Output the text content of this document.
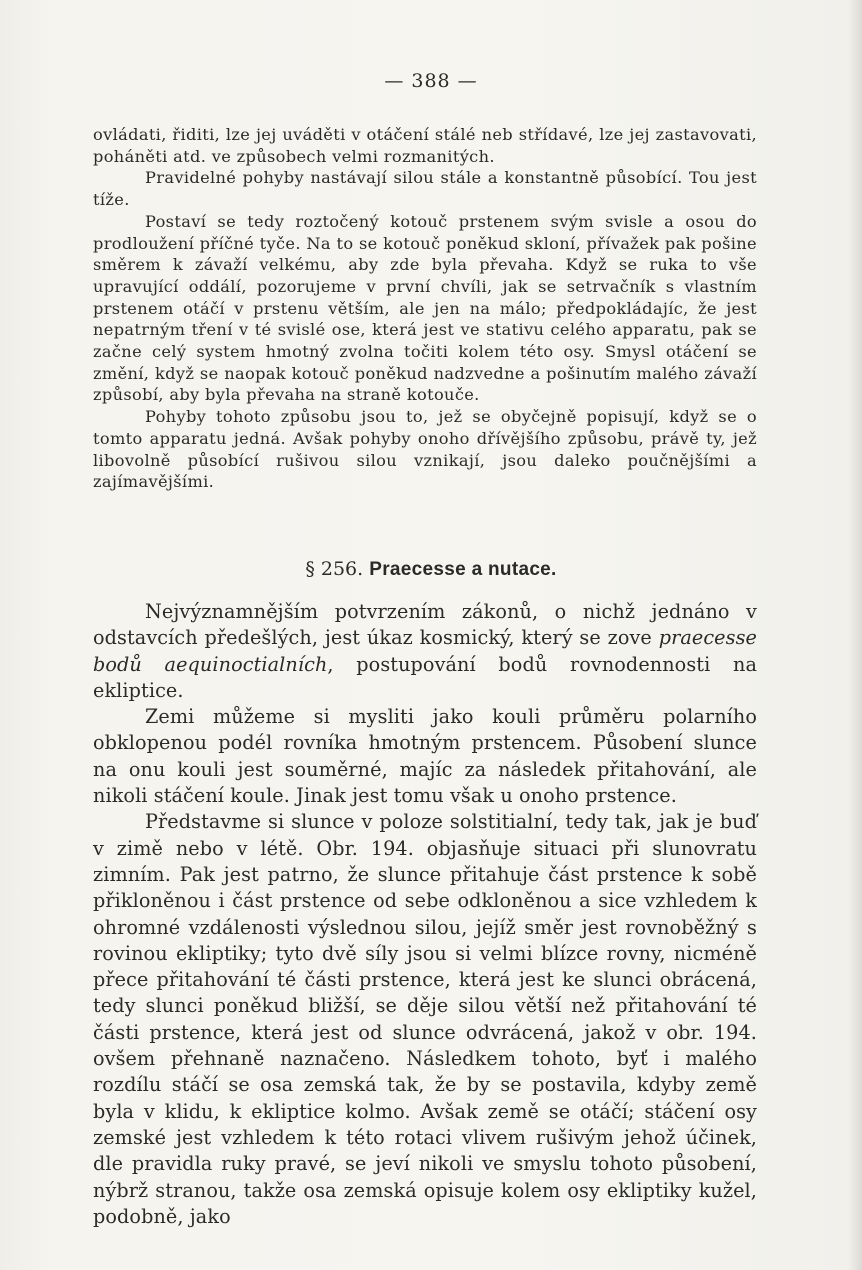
— 388 —

ovládati, řiditi, lze jej uváděti v otáčení stálé neb střídavé, lze jej zastavovati, poháněti atd. ve způsobech velmi rozmanitých.

Pravidelné pohyby nastávají silou stále a konstantně působící. Tou jest tíže.

Postaví se tedy roztočený kotouč prstenem svým svisle a osou do prodloužení příčné tyče. Na to se kotouč poněkud skloní, přívažek pak pošine směrem k závaží velkému, aby zde byla převaha. Když se ruka to vše upravující oddálí, pozorujeme v první chvíli, jak se setrvačník s vlastním prstenem otáčí v prstenu větším, ale jen na málo; předpokládajíc, že jest nepatrným tření v té svislé ose, která jest ve stativu celého apparatu, pak se začne celý system hmotný zvolna točiti kolem této osy. Smysl otáčení se změní, když se naopak kotouč poněkud nadzvedne a pošinutím malého závaží způsobí, aby byla převaha na straně kotouče.

Pohyby tohoto způsobu jsou to, jež se obyčejně popisují, když se o tomto apparatu jedná. Avšak pohyby onoho dřívějšího způsobu, právě ty, jež libovolně působící rušivou silou vznikají, jsou daleko poučnějšími a zajímavějšími.

§ 256. Praecesse a nutace.

Nejvýznamnějším potvrzením zákonů, o nichž jednáno v odstavcích předešlých, jest úkaz kosmický, který se zove praecesse bodů aequinoctialních, postupování bodů rovnodennosti na ekliptice.

Zemi můžeme si mysliti jako kouli průměru polarního obklopenou podél rovníka hmotným prstencem. Působení slunce na onu kouli jest souměrné, majíc za následek přitahování, ale nikoli stáčení koule. Jinak jest tomu však u onoho prstence.

Představme si slunce v poloze solstitialní, tedy tak, jak je buď v zimě nebo v létě. Obr. 194. objasňuje situaci při slunovratu zimním. Pak jest patrno, že slunce přitahuje část prstence k sobě přikloněnou i část prstence od sebe odkloněnou a sice vzhledem k ohromné vzdálenosti výslednou silou, jejíž směr jest rovnoběžný s rovinou ekliptiky; tyto dvě síly jsou si velmi blízce rovny, nicméně přece přitahování té části prstence, která jest ke slunci obrácená, tedy slunci poněkud bližší, se děje silou větší než přitahování té části prstence, která jest od slunce odvrácená, jakož v obr. 194. ovšem přehnaně naznačeno. Následkem tohoto, byť i malého rozdílu stáčí se osa zemská tak, že by se postavila, kdyby země byla v klidu, k ekliptice kolmo. Avšak země se otáčí; stáčení osy zemské jest vzhledem k této rotaci vlivem rušivým jehož účinek, dle pravidla ruky pravé, se jeví nikoli ve smyslu tohoto působení, nýbrž stranou, takže osa zemská opisuje kolem osy ekliptiky kužel, podobně, jako
